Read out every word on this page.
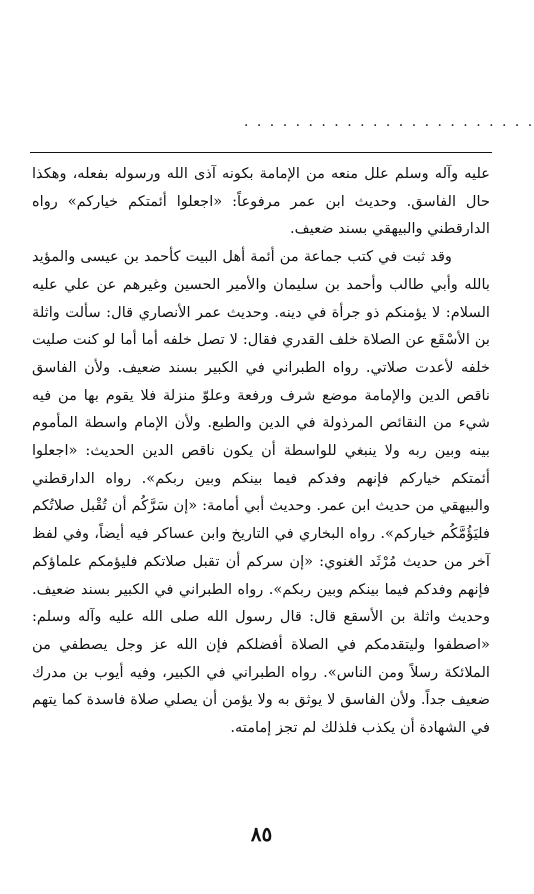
· · · · · · · · · · · · · · · · · · · · · · ·

عليه وآله وسلم علل منعه من الإمامة بكونه آذى الله ورسوله بفعله، وهكذا حال الفاسق. وحديث ابن عمر مرفوعاً: «اجعلوا أئمتكم خياركم» رواه الدارقطني والبيهقي بسند ضعيف.

وقد ثبت في كتب جماعة من أئمة أهل البيت كأحمد بن عيسى والمؤيد بالله وأبي طالب وأحمد بن سليمان والأمير الحسين وغيرهم عن علي عليه السلام: لا يؤمنكم ذو جرأة في دينه. وحديث عمر الأنصاري قال: سألت واثلة بن الأسْقَع عن الصلاة خلف القدري فقال: لا تصل خلفه أما أما لو كنت صليت خلفه لأعدت صلاتي. رواه الطبراني في الكبير بسند ضعيف. ولأن الفاسق ناقص الدين والإمامة موضع شرف ورفعة وعلوّ منزلة فلا يقوم بها من فيه شيء من النقائص المرذولة في الدين والطبع. ولأن الإمام واسطة المأموم بينه وبين ربه ولا ينبغي للواسطة أن يكون ناقص الدين الحديث: «اجعلوا أئمتكم خياركم فإنهم وفدكم فيما بينكم وبين ربكم». رواه الدارقطني والبيهقي من حديث ابن عمر. وحديث أبي أمامة: «إن سَرَّكُم أن تُقْبل صلاتُكم فليَؤُمَّكُم خياركم». رواه البخاري في التاريخ وابن عساكر فيه أيضاً، وفي لفظ آخر من حديث مُرْثَد الغنوي: «إن سركم أن تقبل صلاتكم فليؤمكم علماؤكم فإنهم وفدكم فيما بينكم وبين ربكم». رواه الطبراني في الكبير بسند ضعيف. وحديث واثلة بن الأسقع قال: قال رسول الله صلى الله عليه وآله وسلم: «اصطفوا وليتقدمكم في الصلاة أفضلكم فإن الله عز وجل يصطفي من الملائكة رسلاً ومن الناس». رواه الطبراني في الكبير، وفيه أيوب بن مدرك ضعيف جداً. ولأن الفاسق لا يوثق به ولا يؤمن أن يصلي صلاة فاسدة كما يتهم في الشهادة أن يكذب فلذلك لم تجز إمامته.

٨٥
